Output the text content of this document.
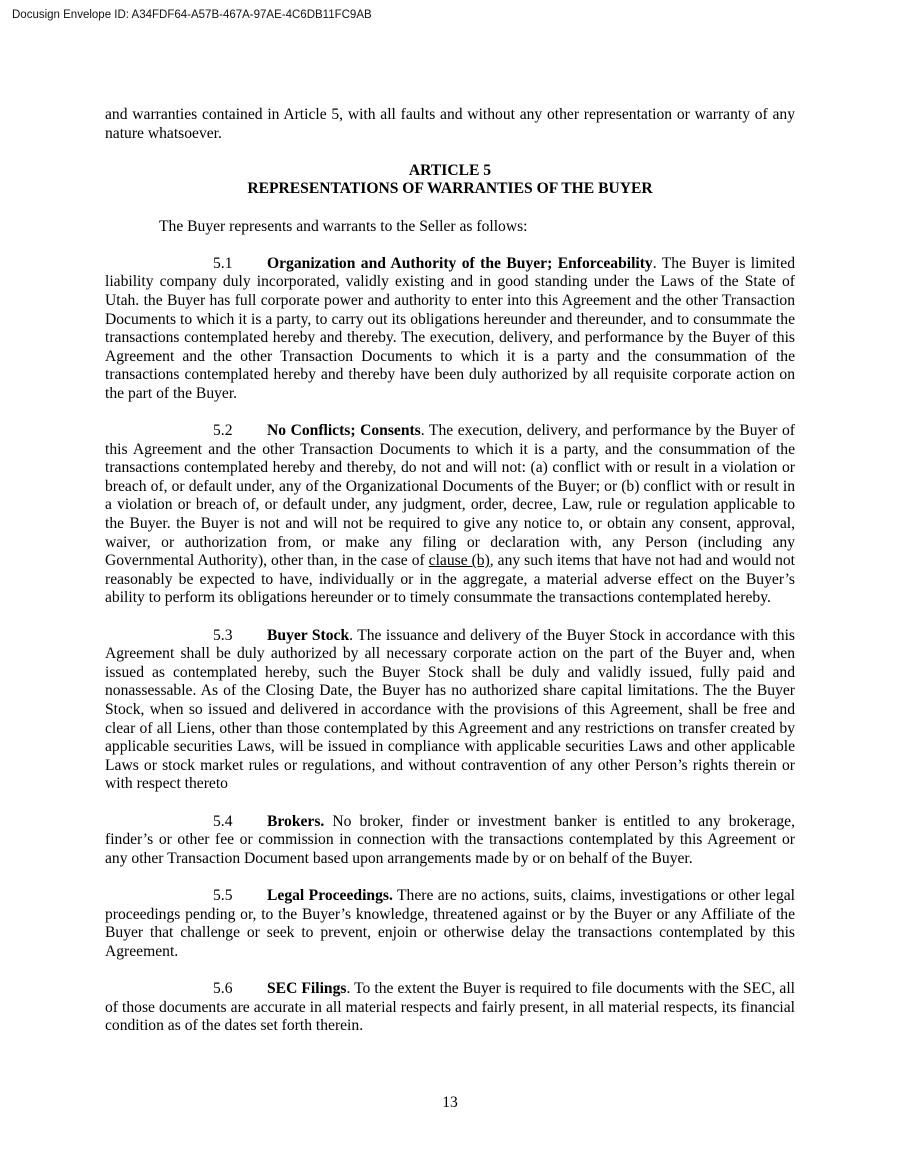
Docusign Envelope ID: A34FDF64-A57B-467A-97AE-4C6DB11FC9AB

and warranties contained in Article 5, with all faults and without any other representation or warranty of any nature whatsoever.

ARTICLE 5
REPRESENTATIONS OF WARRANTIES OF THE BUYER

The Buyer represents and warrants to the Seller as follows:

5.1 Organization and Authority of the Buyer; Enforceability. The Buyer is limited liability company duly incorporated, validly existing and in good standing under the Laws of the State of Utah. the Buyer has full corporate power and authority to enter into this Agreement and the other Transaction Documents to which it is a party, to carry out its obligations hereunder and thereunder, and to consummate the transactions contemplated hereby and thereby. The execution, delivery, and performance by the Buyer of this Agreement and the other Transaction Documents to which it is a party and the consummation of the transactions contemplated hereby and thereby have been duly authorized by all requisite corporate action on the part of the Buyer.

5.2 No Conflicts; Consents. The execution, delivery, and performance by the Buyer of this Agreement and the other Transaction Documents to which it is a party, and the consummation of the transactions contemplated hereby and thereby, do not and will not: (a) conflict with or result in a violation or breach of, or default under, any of the Organizational Documents of the Buyer; or (b) conflict with or result in a violation or breach of, or default under, any judgment, order, decree, Law, rule or regulation applicable to the Buyer. the Buyer is not and will not be required to give any notice to, or obtain any consent, approval, waiver, or authorization from, or make any filing or declaration with, any Person (including any Governmental Authority), other than, in the case of clause (b), any such items that have not had and would not reasonably be expected to have, individually or in the aggregate, a material adverse effect on the Buyer’s ability to perform its obligations hereunder or to timely consummate the transactions contemplated hereby.

5.3 Buyer Stock. The issuance and delivery of the Buyer Stock in accordance with this Agreement shall be duly authorized by all necessary corporate action on the part of the Buyer and, when issued as contemplated hereby, such the Buyer Stock shall be duly and validly issued, fully paid and nonassessable. As of the Closing Date, the Buyer has no authorized share capital limitations. The the Buyer Stock, when so issued and delivered in accordance with the provisions of this Agreement, shall be free and clear of all Liens, other than those contemplated by this Agreement and any restrictions on transfer created by applicable securities Laws, will be issued in compliance with applicable securities Laws and other applicable Laws or stock market rules or regulations, and without contravention of any other Person’s rights therein or with respect thereto

5.4 Brokers. No broker, finder or investment banker is entitled to any brokerage, finder’s or other fee or commission in connection with the transactions contemplated by this Agreement or any other Transaction Document based upon arrangements made by or on behalf of the Buyer.

5.5 Legal Proceedings. There are no actions, suits, claims, investigations or other legal proceedings pending or, to the Buyer’s knowledge, threatened against or by the Buyer or any Affiliate of the Buyer that challenge or seek to prevent, enjoin or otherwise delay the transactions contemplated by this Agreement.

5.6 SEC Filings. To the extent the Buyer is required to file documents with the SEC, all of those documents are accurate in all material respects and fairly present, in all material respects, its financial condition as of the dates set forth therein.

13
